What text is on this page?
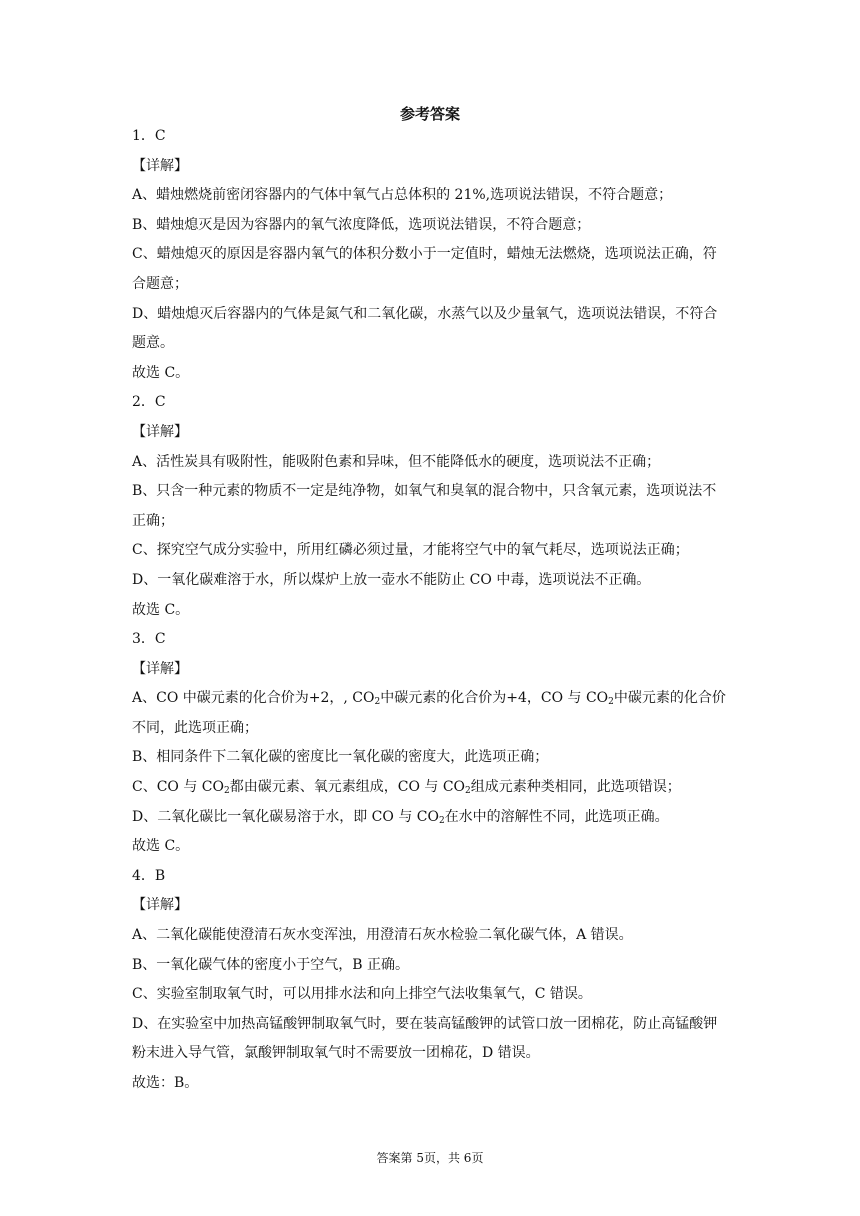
参考答案

1．C

【详解】

A、蜡烛燃烧前密闭容器内的气体中氧气占总体积的 21%,选项说法错误，不符合题意；

B、蜡烛熄灭是因为容器内的氧气浓度降低，选项说法错误，不符合题意；

C、蜡烛熄灭的原因是容器内氧气的体积分数小于一定值时，蜡烛无法燃烧，选项说法正确，符合题意；

D、蜡烛熄灭后容器内的气体是氮气和二氧化碳，水蒸气以及少量氧气，选项说法错误，不符合题意。

故选 C。

2．C

【详解】

A、活性炭具有吸附性，能吸附色素和异味，但不能降低水的硬度，选项说法不正确；

B、只含一种元素的物质不一定是纯净物，如氧气和臭氧的混合物中，只含氧元素，选项说法不正确；

C、探究空气成分实验中，所用红磷必须过量，才能将空气中的氧气耗尽，选项说法正确；

D、一氧化碳难溶于水，所以煤炉上放一壶水不能防止 CO 中毒，选项说法不正确。

故选 C。

3．C

【详解】

A、CO 中碳元素的化合价为+2，, $CO_2$中碳元素的化合价为+4，CO 与 $CO_2$中碳元素的化合价不同，此选项正确；

B、相同条件下二氧化碳的密度比一氧化碳的密度大，此选项正确；

C、CO 与 $CO_2$都由碳元素、氧元素组成，CO 与 $CO_2$组成元素种类相同，此选项错误；

D、二氧化碳比一氧化碳易溶于水，即 CO 与 $CO_2$在水中的溶解性不同，此选项正确。

故选 C。

4．B

【详解】

A、二氧化碳能使澄清石灰水变浑浊，用澄清石灰水检验二氧化碳气体，A 错误。

B、一氧化碳气体的密度小于空气，B 正确。

C、实验室制取氧气时，可以用排水法和向上排空气法收集氧气，C 错误。

D、在实验室中加热高锰酸钾制取氧气时，要在装高锰酸钾的试管口放一团棉花，防止高锰酸钾粉末进入导气管，氯酸钾制取氧气时不需要放一团棉花，D 错误。

故选：B。

答案第 5页，共 6页
